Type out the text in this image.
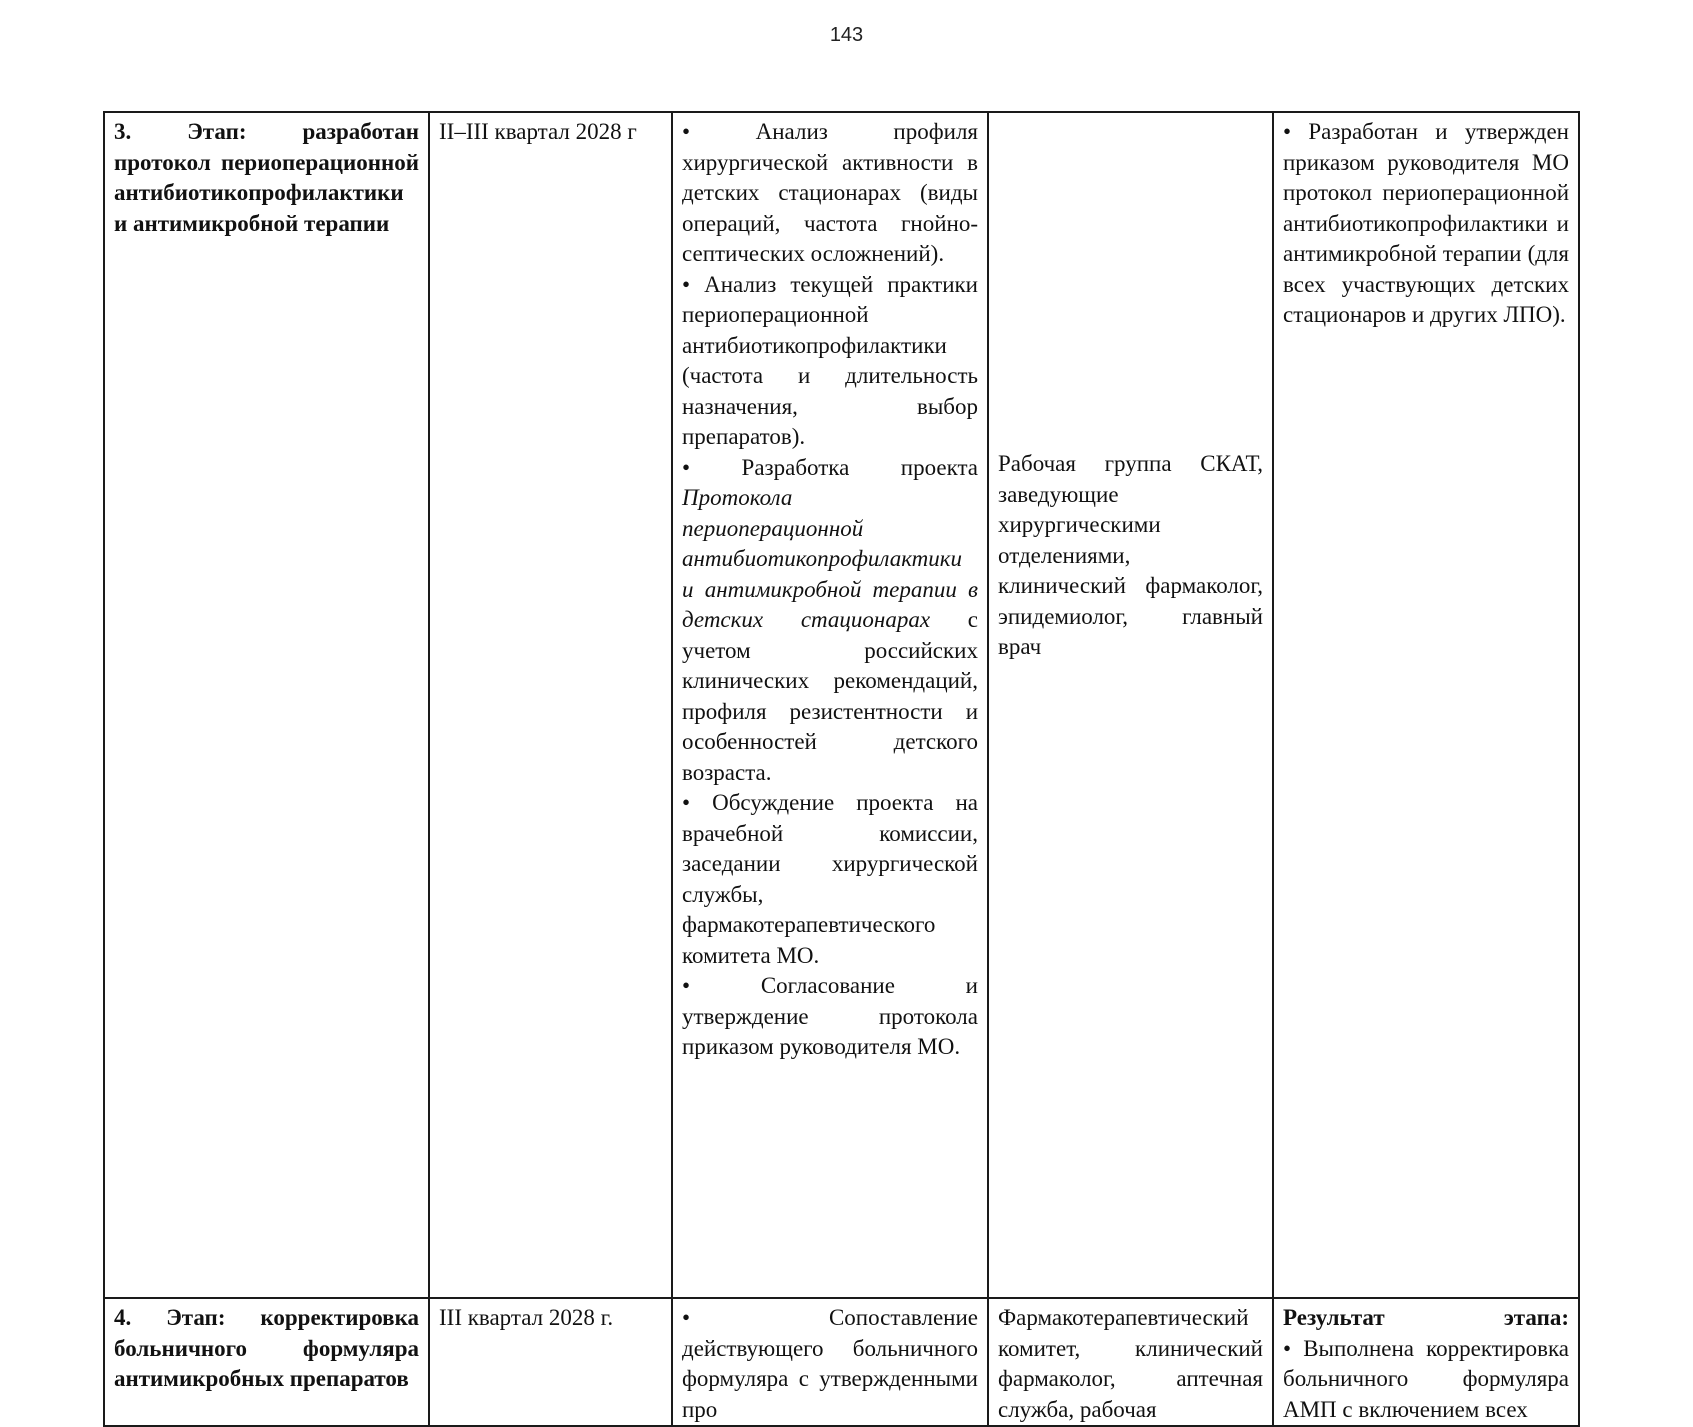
143
3. Этап: разработан протокол периоперационной антибиотикопрофилактики и антимикробной терапии	II–III квартал 2028 г	• Анализ профиля хирургической активности в детских стационарах (виды операций, частота гнойно-септических осложнений).

• Анализ текущей практики периоперационной антибиотикопрофилактики (частота и длительность назначения, выбор препаратов).

• Разработка проекта Протокола периоперационной антибиотикопрофилактики и антимикробной терапии в детских стационарах с учетом российских клинических рекомендаций, профиля резистентности и особенностей детского возраста.

• Обсуждение проекта на врачебной комиссии, заседании хирургической службы, фармакотерапевтического комитета МО.

• Согласование и утверждение протокола приказом руководителя МО.	Рабочая группа СКАТ, заведующие хирургическими отделениями, клинический фармаколог, эпидемиолог, главный врач	• Разработан и утвержден приказом руководителя МО протокол периоперационной антибиотикопрофилактики и антимикробной терапии (для всех участвующих детских стационаров и других ЛПО).

4. Этап: корректировка больничного формуляра антимикробных препаратов	III квартал 2028 г.	• Сопоставление действующего больничного формуляра с утвержденными про	Фармакотерапевтический комитет, клинический фармаколог, аптечная служба, рабочая	Результат этапа:

• Выполнена корректировка больничного формуляра АМП с включением всех
